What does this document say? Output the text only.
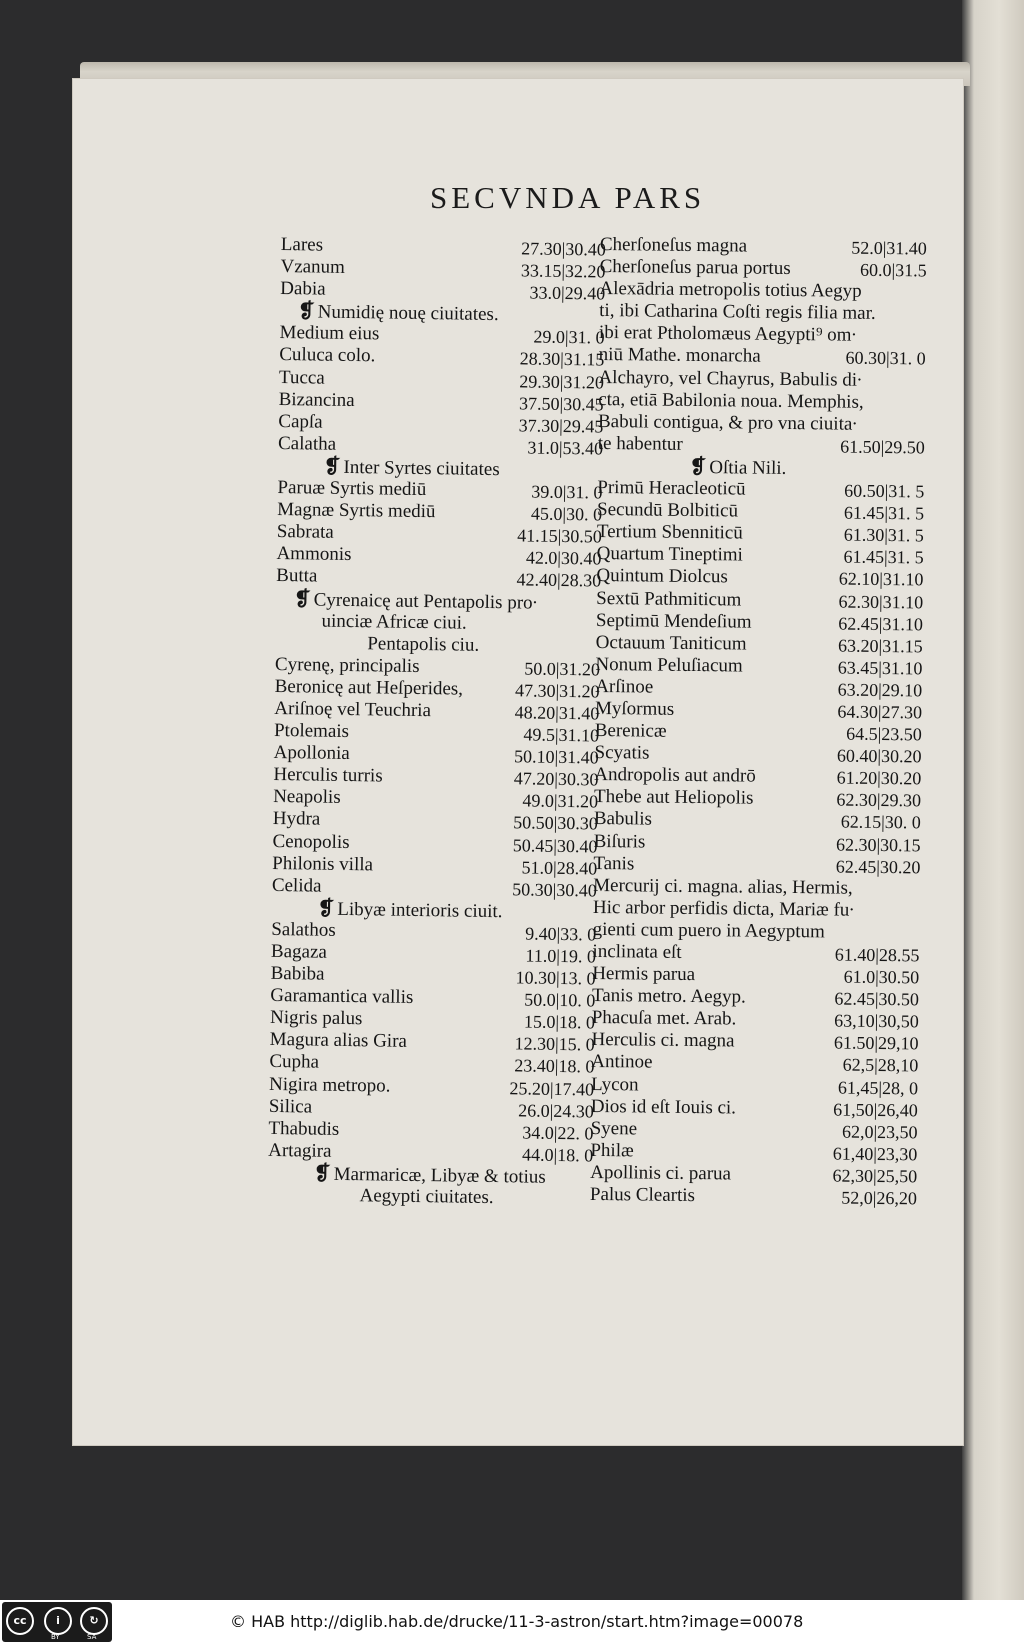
SECVNDA PARS
Lares	27.30|30.40
Vzanum	33.15|32.20
Dabia	33.0|29.40
❡ Numidię nouę ciuitates.
Medium eius	29.0|31. 0
Culuca colo.	28.30|31.15
Tucca	29.30|31.20
Bizancina	37.50|30.45
Capſa	37.30|29.45
Calatha	31.0|53.40
❡ Inter Syrtes ciuitates
Paruæ Syrtis mediū	39.0|31. 0
Magnæ Syrtis mediū	45.0|30. 0
Sabrata	41.15|30.50
Ammonis	42.0|30.40
Butta	42.40|28.30
❡ Cyrenaicę aut Pentapolis pro∙
uinciæ Africæ ciui.
Pentapolis ciu.
Cyrenę, principalis	50.0|31.20
Beronicę aut Heſperides,	47.30|31.20
Ariſnoę vel Teuchria	48.20|31.40
Ptolemais	49.5|31.10
Apollonia	50.10|31.40
Herculis turris	47.20|30.30
Neapolis	49.0|31.20
Hydra	50.50|30.30
Cenopolis	50.45|30.40
Philonis villa	51.0|28.40
Celida	50.30|30.40
❡ Libyæ interioris ciuit.
Salathos	9.40|33. 0
Bagaza	11.0|19. 0
Babiba	10.30|13. 0
Garamantica vallis	50.0|10. 0
Nigris palus	15.0|18. 0
Magura alias Gira	12.30|15. 0
Cupha	23.40|18. 0
Nigira metropo.	25.20|17.40
Silica	26.0|24.30
Thabudis	34.0|22. 0
Artagira	44.0|18. 0
❡ Marmaricæ, Libyæ & totius
Aegypti ciuitates.
Cherſoneſus magna	52.0|31.40
Cherſoneſus parua portus	60.0|31.5
Alexādria metropolis totius Aegyp
ti, ibi Catharina Coſti regis filia mar.
ibi erat Ptholomæus Aegypti⁹ om∙
niū Mathe. monarcha	60.30|31. 0
Alchayro, vel Chayrus, Babulis di∙
cta, etiā Babilonia noua. Memphis,
Babuli contigua, & pro vna ciuita∙
te habentur	61.50|29.50
❡ Oſtia Nili.
Primū Heracleoticū	60.50|31. 5
Secundū Bolbiticū	61.45|31. 5
Tertium Sbenniticū	61.30|31. 5
Quartum Tineptimi	61.45|31. 5
Quintum Diolcus	62.10|31.10
Sextū Pathmiticum	62.30|31.10
Septimū Mendeſium	62.45|31.10
Octauum Taniticum	63.20|31.15
Nonum Peluſiacum	63.45|31.10
Arſinoe	63.20|29.10
Myſormus	64.30|27.30
Berenicæ	64.5|23.50
Scyatis	60.40|30.20
Andropolis aut andrō	61.20|30.20
Thebe aut Heliopolis	62.30|29.30
Babulis	62.15|30. 0
Biſuris	62.30|30.15
Tanis	62.45|30.20
Mercurij ci. magna. alias, Hermis,
Hic arbor perfidis dicta, Mariæ fu∙
gienti cum puero in Aegyptum
inclinata eſt	61.40|28.55
Hermis parua	61.0|30.50
Tanis metro. Aegyp.	62.45|30.50
Phacuſa met. Arab.	63,10|30,50
Herculis ci. magna	61.50|29,10
Antinoe	62,5|28,10
Lycon	61,45|28, 0
Dios id eſt Iouis ci.	61,50|26,40
Syene	62,0|23,50
Philæ	61,40|23,30
Apollinis ci. parua	62,30|25,50
Palus Cleartis	52,0|26,20
cc	i	↻
BY	SA
© HAB http://diglib.hab.de/drucke/11-3-astron/start.htm?image=00078
